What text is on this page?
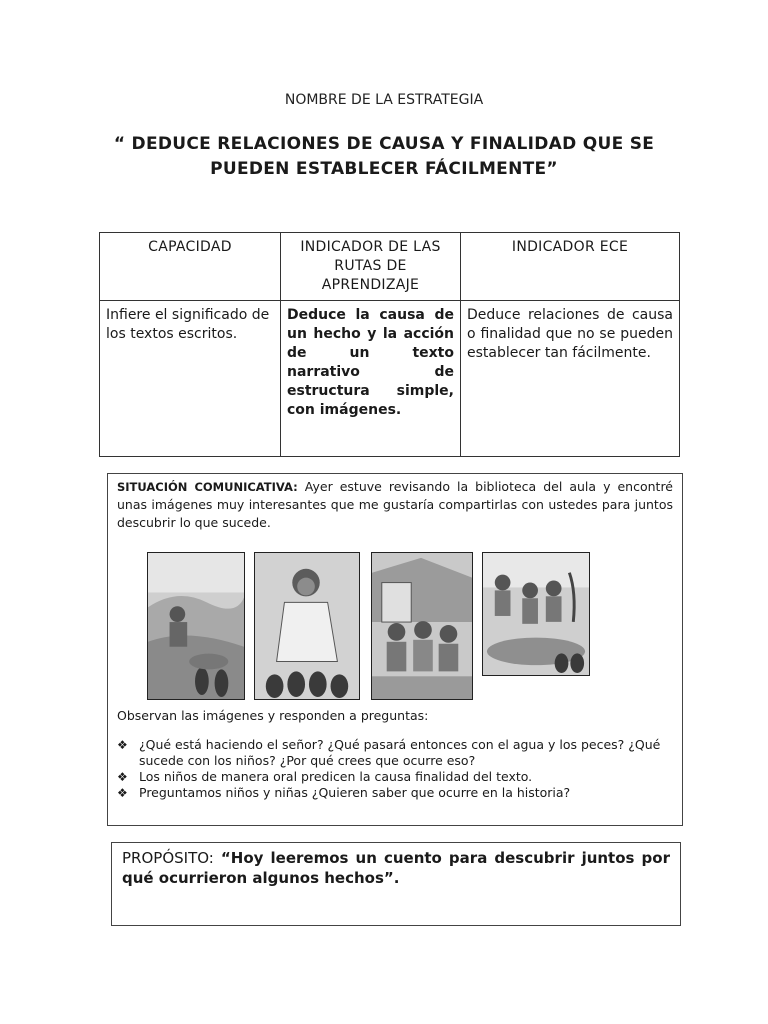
NOMBRE DE LA ESTRATEGIA
“ DEDUCE RELACIONES DE CAUSA Y FINALIDAD QUE SE PUEDEN ESTABLECER FÁCILMENTE”
CAPACIDAD	INDICADOR DE LAS RUTAS DE APRENDIZAJE	INDICADOR ECE
Infiere el significado de los textos escritos.	Deduce la causa de un hecho y la acción de un texto narrativo de estructura simple, con imágenes.	Deduce relaciones de causa o finalidad que no se pueden establecer tan fácilmente.

SITUACIÓN COMUNICATIVA: Ayer estuve revisando la biblioteca del aula y encontré unas imágenes muy interesantes que me gustaría compartirlas con ustedes para juntos descubrir lo que sucede.

Observan las imágenes y responden a preguntas:
❖ ¿Qué está haciendo el señor? ¿Qué pasará entonces con el agua y los peces? ¿Qué sucede con los niños? ¿Por qué crees que ocurre eso?
❖ Los niños de manera oral predicen la causa finalidad del texto.
❖ Preguntamos niños y niñas ¿Quieren saber que ocurre en la historia?
PROPÓSITO: “Hoy leeremos un cuento para descubrir juntos por qué ocurrieron algunos hechos”.
